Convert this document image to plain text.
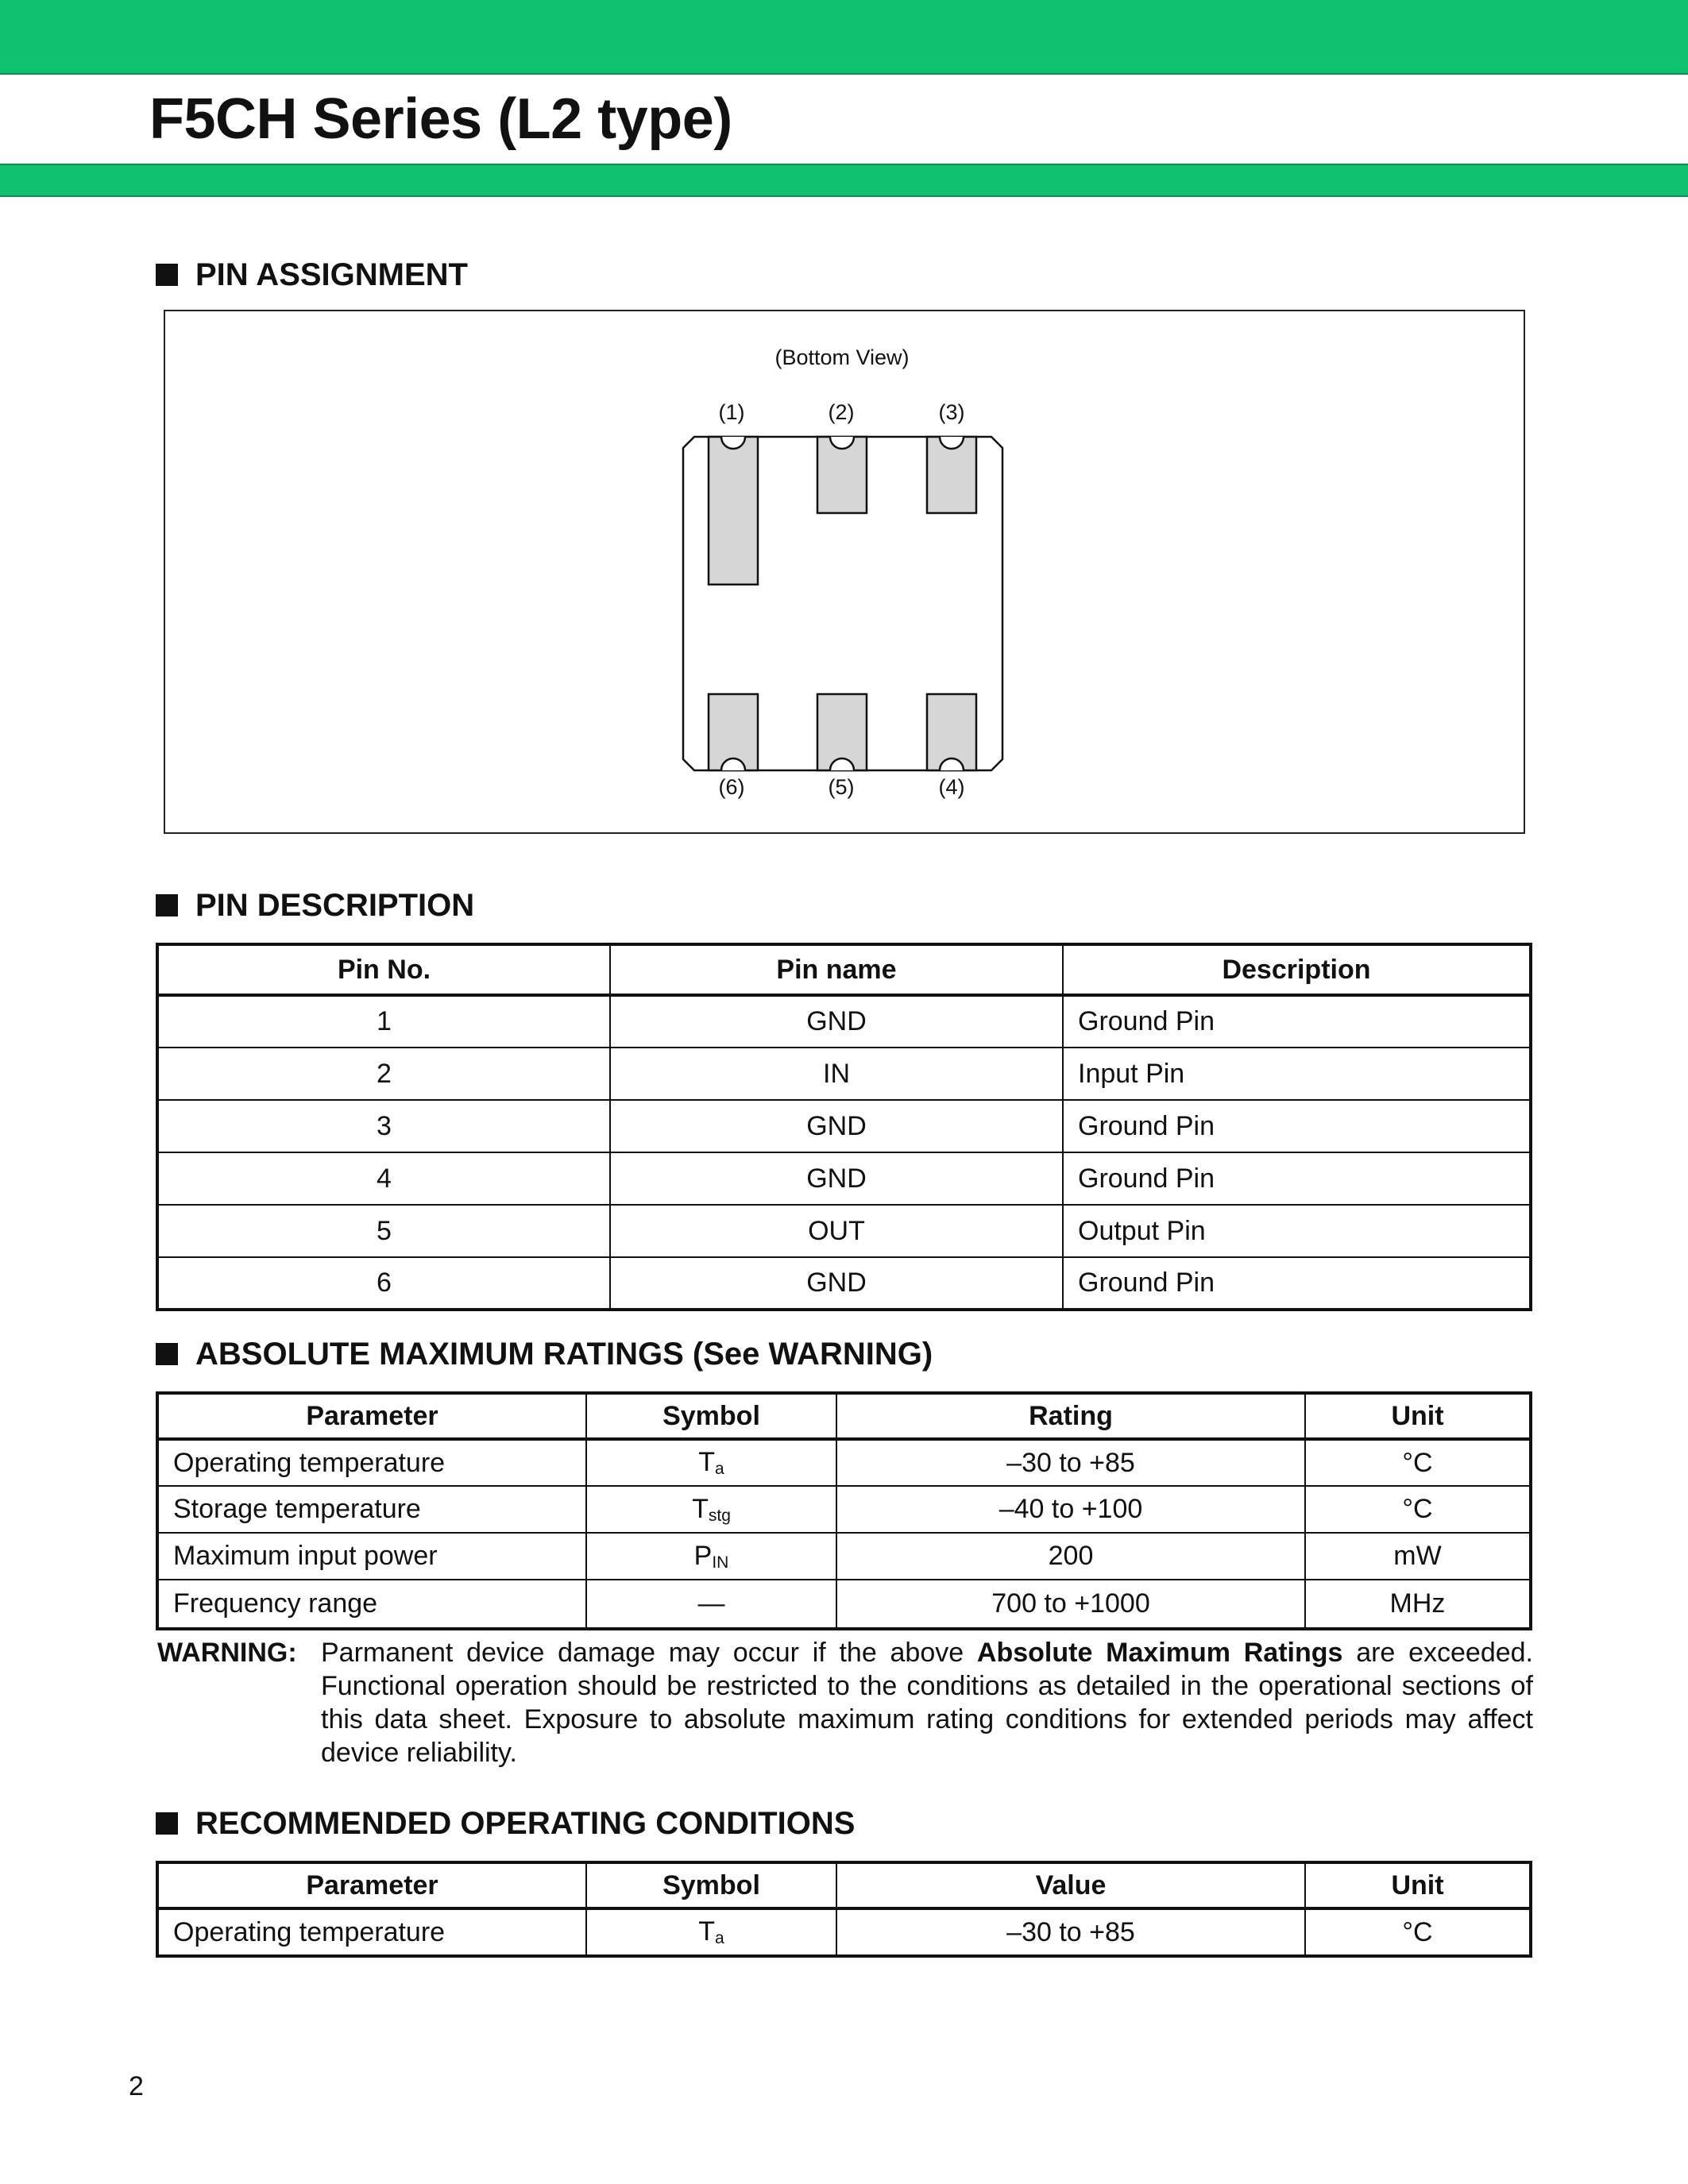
F5CH Series (L2 type)
PIN ASSIGNMENT
(Bottom View)
(1)	(2)	(3)
(6)	(5)	(4)
PIN DESCRIPTION
Pin No.	Pin name	Description
1	GND	Ground Pin
2	IN	Input Pin
3	GND	Ground Pin
4	GND	Ground Pin
5	OUT	Output Pin
6	GND	Ground Pin
ABSOLUTE MAXIMUM RATINGS (See WARNING)
Parameter	Symbol	Rating	Unit
Operating temperature	$T_a$	–30 to +85	°C
Storage temperature	$T_{stg}$	–40 to +100	°C
Maximum input power	$P_{IN}$	200	mW
Frequency range	—	700 to +1000	MHz
WARNING: Parmanent device damage may occur if the above Absolute Maximum Ratings are exceeded. Functional operation should be restricted to the conditions as detailed in the operational sections of this data sheet. Exposure to absolute maximum rating conditions for extended periods may affect device reliability.
RECOMMENDED OPERATING CONDITIONS
Parameter	Symbol	Value	Unit
Operating temperature	$T_a$	–30 to +85	°C
2
